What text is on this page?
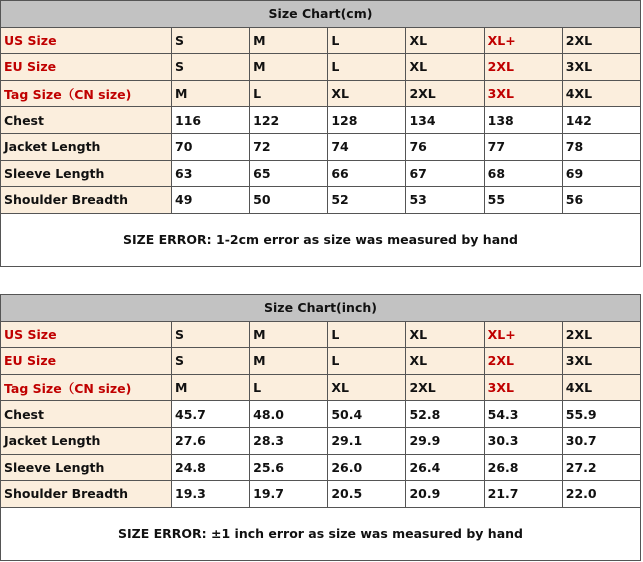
Size Chart(cm)						
US Size	S	M	L	XL	XL+	2XL
EU Size	S	M	L	XL	2XL	3XL
Tag Size（CN size)	M	L	XL	2XL	3XL	4XL
Chest	116	122	128	134	138	142
Jacket Length	70	72	74	76	77	78
Sleeve Length	63	65	66	67	68	69
Shoulder Breadth	49	50	52	53	55	56
SIZE ERROR: 1-2cm error as size was measured by hand
Size Chart(inch)						
US Size	S	M	L	XL	XL+	2XL
EU Size	S	M	L	XL	2XL	3XL
Tag Size（CN size)	M	L	XL	2XL	3XL	4XL
Chest	45.7	48.0	50.4	52.8	54.3	55.9
Jacket Length	27.6	28.3	29.1	29.9	30.3	30.7
Sleeve Length	24.8	25.6	26.0	26.4	26.8	27.2
Shoulder Breadth	19.3	19.7	20.5	20.9	21.7	22.0
SIZE ERROR: ±1 inch error as size was measured by hand
